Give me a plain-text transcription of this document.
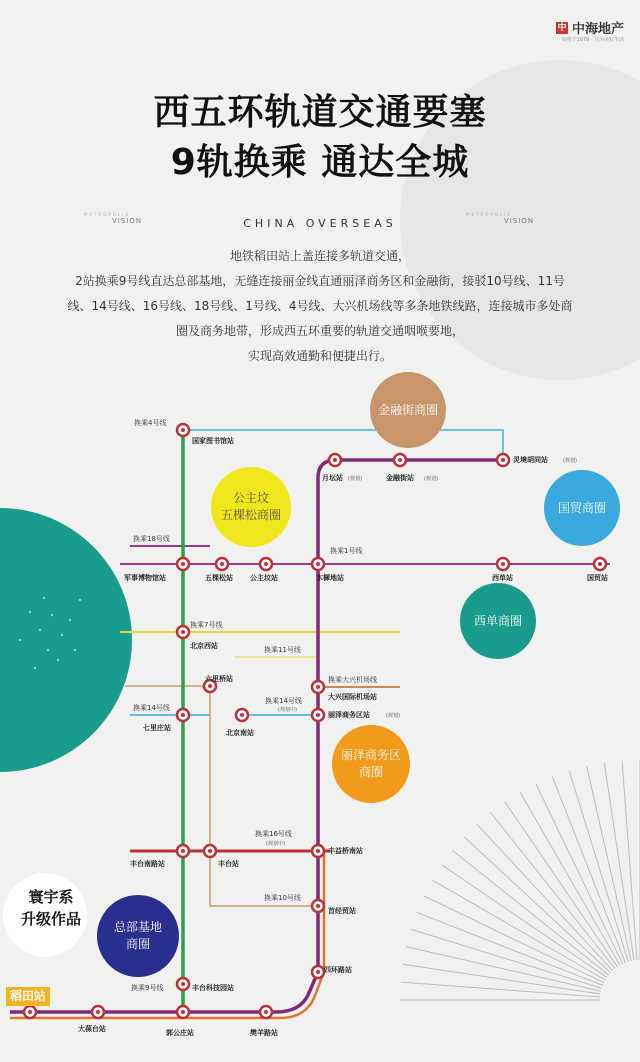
中 中海地产
始创于1979 · 只为美好生活
西五环轨道交通要塞
9轨换乘 通达全城
METROPOLIS
VISION	CHINA OVERSEAS
METROPOLIS
VISION

地铁稻田站上盖连接多轨道交通，

2站换乘9号线直达总部基地，无缝连接丽金线直通丽泽商务区和金融街，接驳10号线、11号

线、14号线、16号线、18号线、1号线、4号线、大兴机场线等多条地铁线路，连接城市多处商

圈及商务地带，形成西五环重要的轨道交通咽喉要地，

实现高效通勤和便捷出行。

国家图书馆站
月坛站	金融街站
灵境胡同站
军事博物馆站	五棵松站 公主坟站	木樨地站	西单站	国贸站
北京西站
六里桥站
大兴国际机场站
七里庄站
丽泽商务区站
北京南站
丰台南路站	丰台站
丰益桥南站
首经贸站
四环路站
丰台科技园站
大葆台站	郭公庄站	樊羊路站
换乘4号线
换乘18号线
换乘1号线
换乘7号线
换乘11号线
换乘大兴机场线
换乘14号线
换乘14号线
换乘16号线
换乘10号线
换乘9号线
(规划)	(规划)
(规划)
(规划中)
(规划)
(规划中)
金融街商圈
公主坟
五棵松商圈
国贸商圈
西单商圈
丽泽商务区
商圈
总部基地
商圈
寰宇系
升级作品
稻田站
